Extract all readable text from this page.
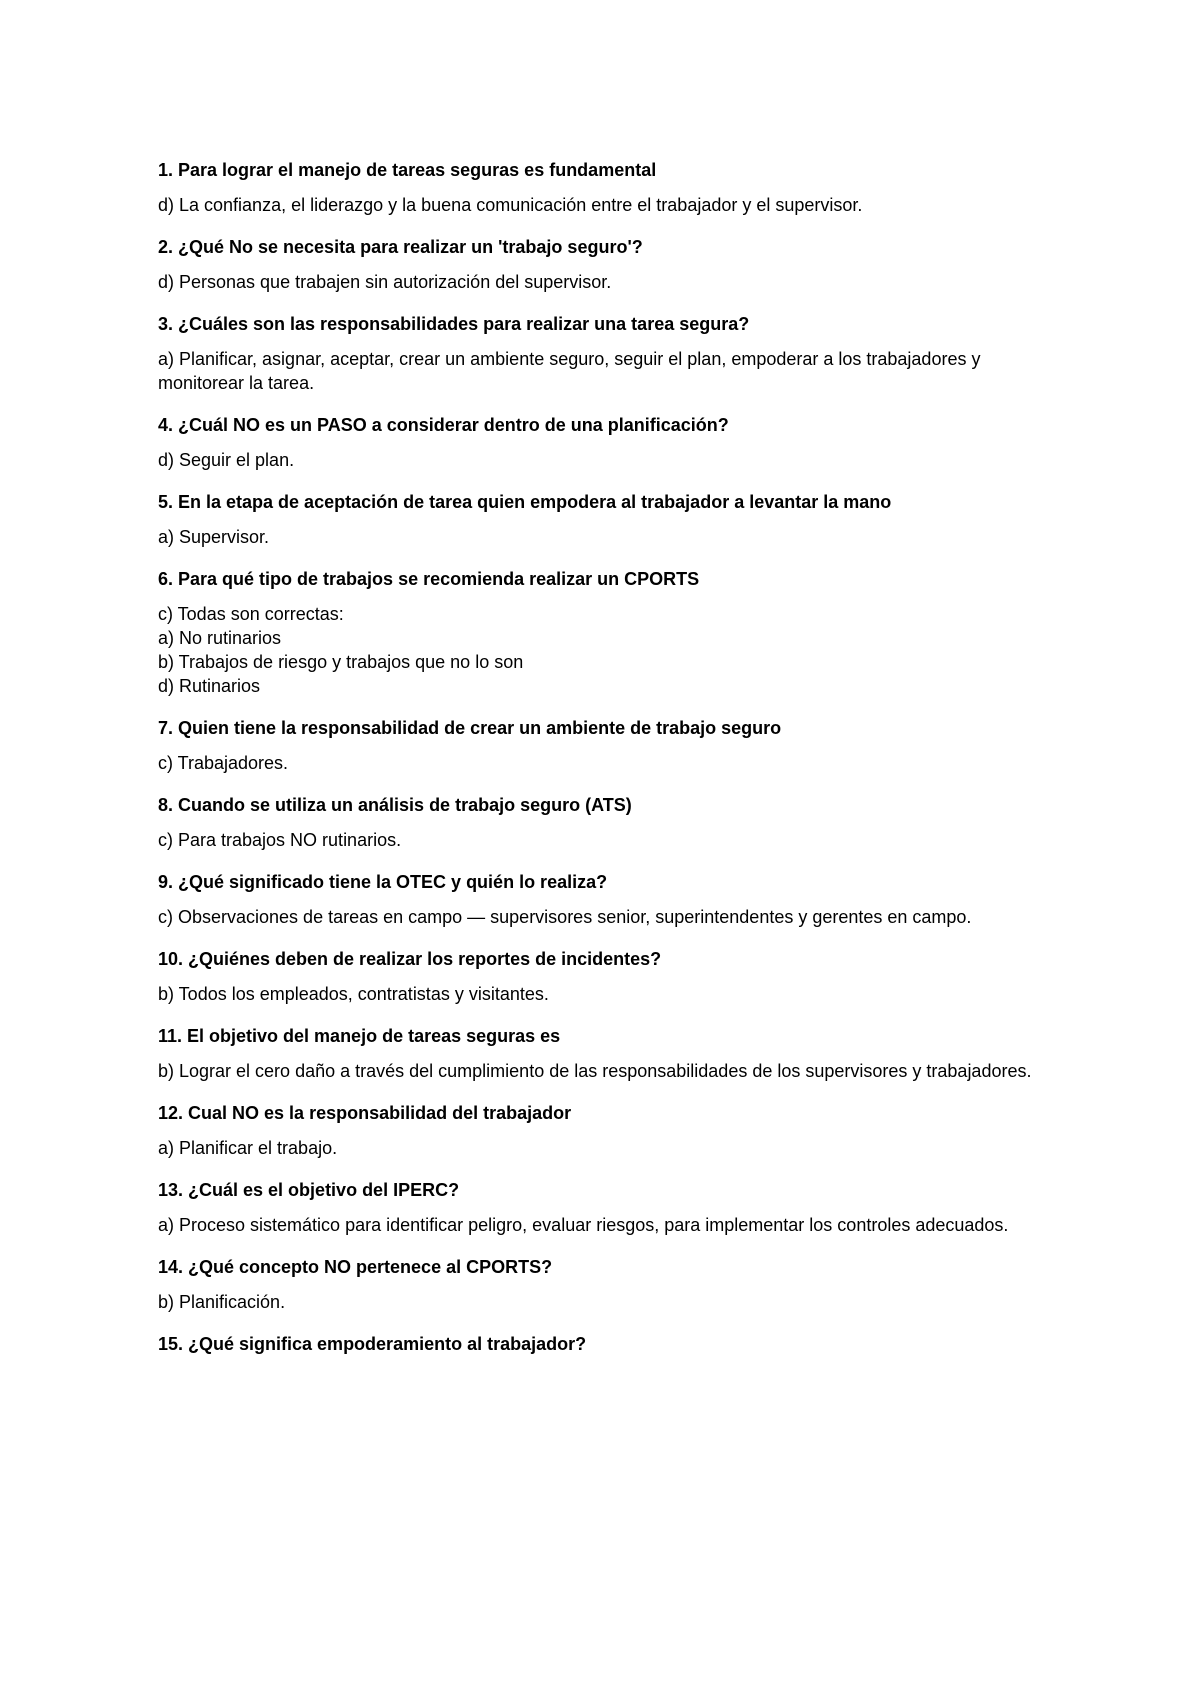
1. Para lograr el manejo de tareas seguras es fundamental

d) La confianza, el liderazgo y la buena comunicación entre el trabajador y el supervisor.

2. ¿Qué No se necesita para realizar un 'trabajo seguro'?

d) Personas que trabajen sin autorización del supervisor.

3. ¿Cuáles son las responsabilidades para realizar una tarea segura?

a) Planificar, asignar, aceptar, crear un ambiente seguro, seguir el plan, empoderar a los trabajadores y monitorear la tarea.

4. ¿Cuál NO es un PASO a considerar dentro de una planificación?

d) Seguir el plan.

5. En la etapa de aceptación de tarea quien empodera al trabajador a levantar la mano

a) Supervisor.

6. Para qué tipo de trabajos se recomienda realizar un CPORTS

c) Todas son correctas:
a) No rutinarios
b) Trabajos de riesgo y trabajos que no lo son
d) Rutinarios

7. Quien tiene la responsabilidad de crear un ambiente de trabajo seguro

c) Trabajadores.

8. Cuando se utiliza un análisis de trabajo seguro (ATS)

c) Para trabajos NO rutinarios.

9. ¿Qué significado tiene la OTEC y quién lo realiza?

c) Observaciones de tareas en campo — supervisores senior, superintendentes y gerentes en campo.

10. ¿Quiénes deben de realizar los reportes de incidentes?

b) Todos los empleados, contratistas y visitantes.

11. El objetivo del manejo de tareas seguras es

b) Lograr el cero daño a través del cumplimiento de las responsabilidades de los supervisores y trabajadores.

12. Cual NO es la responsabilidad del trabajador

a) Planificar el trabajo.

13. ¿Cuál es el objetivo del IPERC?

a) Proceso sistemático para identificar peligro, evaluar riesgos, para implementar los controles adecuados.

14. ¿Qué concepto NO pertenece al CPORTS?

b) Planificación.

15. ¿Qué significa empoderamiento al trabajador?
